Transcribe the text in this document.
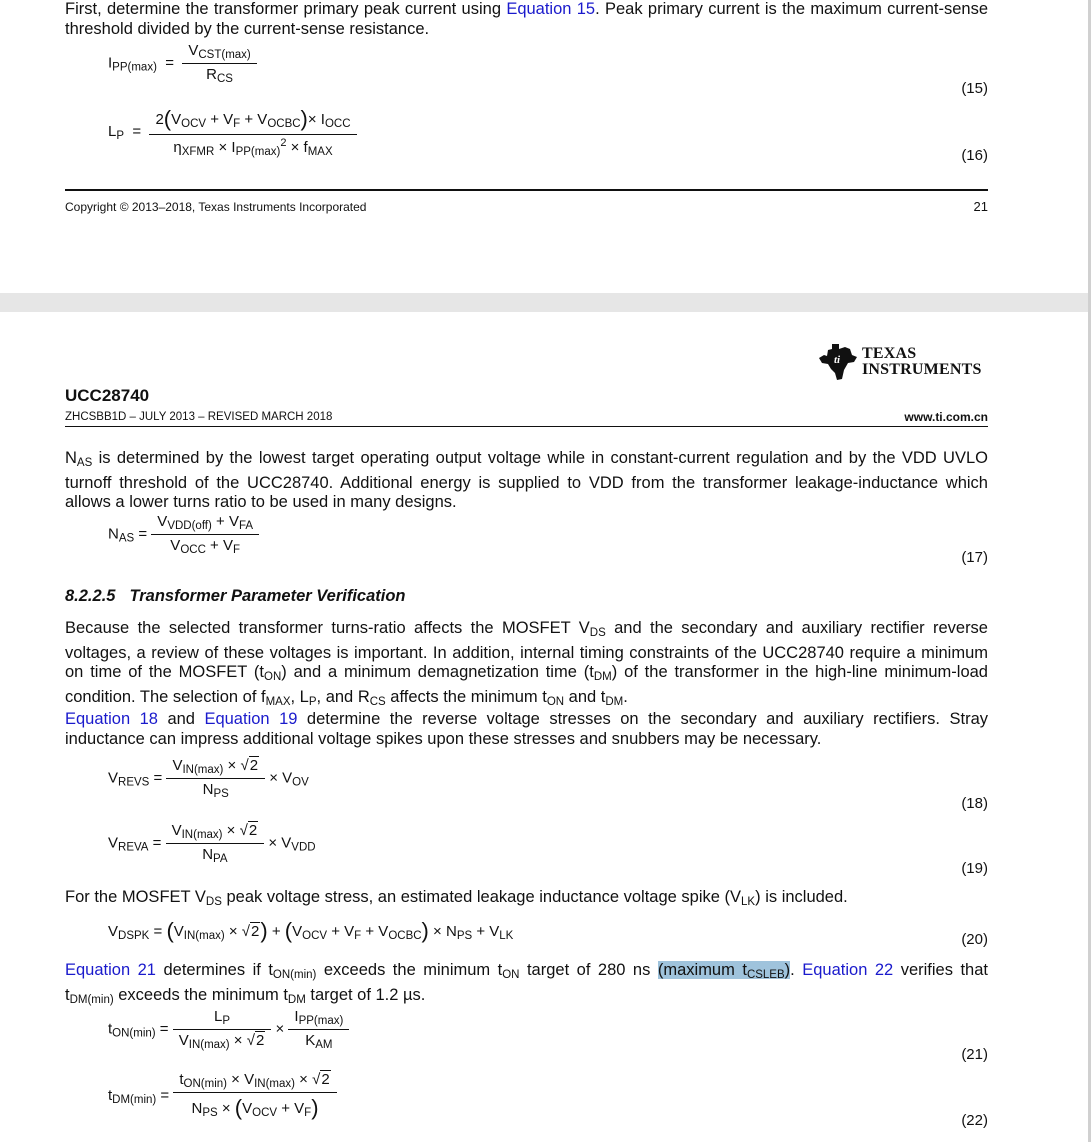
First, determine the transformer primary peak current using Equation 15. Peak primary current is the maximum current-sense threshold divided by the current-sense resistance.
$I_{PP(max)} = \frac{V_{CST(max)}}{R_{CS}}$
(15)
$L_P = \frac{2(V_{OCV} + V_F + V_{OCBC})\times I_{OCC}}{\eta_{XFMR} \times I_{PP(max)}^2 \times f_{MAX}}$	(16)
Copyright © 2013–2018, Texas Instruments Incorporated	21
ti TEXAS
INSTRUMENTS
UCC28740
ZHCSBB1D – JULY 2013 – REVISED MARCH 2018	www.ti.com.cn
$N_{AS}$ is determined by the lowest target operating output voltage while in constant-current regulation and by the VDD UVLO turnoff threshold of the UCC28740. Additional energy is supplied to VDD from the transformer leakage-inductance which allows a lower turns ratio to be used in many designs.
$N_{AS} = \frac{V_{VDD(off)} + V_{FA}}{V_{OCC} + V_F}$
(17)
8.2.2.5 Transformer Parameter Verification
Because the selected transformer turns-ratio affects the MOSFET $V_{DS}$ and the secondary and auxiliary rectifier reverse voltages, a review of these voltages is important. In addition, internal timing constraints of the UCC28740 require a minimum on time of the MOSFET $(t_{ON})$ and a minimum demagnetization time $(t_{DM})$ of the transformer in the high-line minimum-load condition. The selection of $f_{MAX}$, $L_P$, and $R_{CS}$ affects the minimum $t_{ON}$ and $t_{DM}$.
Equation 18 and Equation 19 determine the reverse voltage stresses on the secondary and auxiliary rectifiers. Stray inductance can impress additional voltage spikes upon these stresses and snubbers may be necessary.
$V_{REVS} = \frac{V_{IN(max)} \times √2}{N_{PS}} \times V_{OV}$
(18)
$V_{REVA} = \frac{V_{IN(max)} \times √2}{N_{PA}} \times V_{VDD}$
(19)
For the MOSFET $V_{DS}$ peak voltage stress, an estimated leakage inductance voltage spike $(V_{LK})$ is included.
$V_{DSPK} = (V_{IN(max)} \times √2) + (V_{OCV} + V_F + V_{OCBC}) \times N_{PS} + V_{LK}$	(20)
Equation 21 determines if $t_{ON(min)}$ exceeds the minimum $t_{ON}$ target of 280 ns (maximum $t_{CSLEB}$). Equation 22 verifies that $t_{DM(min)}$ exceeds the minimum $t_{DM}$ target of 1.2 µs.
$t_{ON(min)} = \frac{L_P}{V_{IN(max)} \times √2} \times \frac{I_{PP(max)}}{K_{AM}}$
(21)
$t_{DM(min)} = \frac{t_{ON(min)} \times V_{IN(max)} \times √2}{N_{PS} \times (V_{OCV} + V_F)}$	(22)
